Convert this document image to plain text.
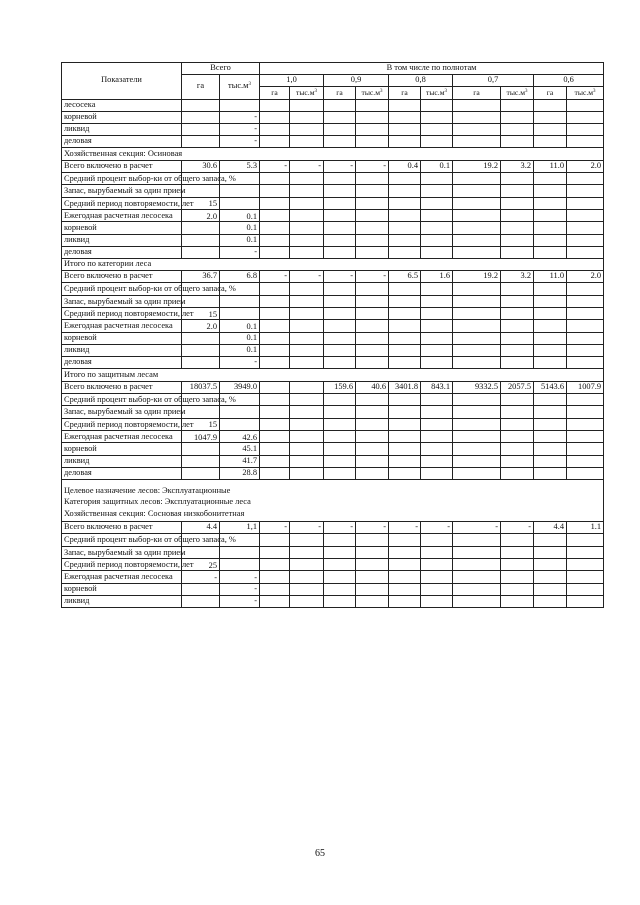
Показатели	Всего		В том числе по полнотам									
	га	$тыс.м^3$	1,0		0,9		0,8		0,7		0,6	
			га	$тыс.м^3$	га	$тыс.м^3$	га	$тыс.м^3$	га	$тыс.м^3$	га	$тыс.м^3$
лесосека												
корневой		-										
ликвид		-										
деловая		-										
Хозяйственная секция: Осиновая												
Всего включено в расчет	30.6	5.3	-	-	-	-	0.4	0.1	19.2	3.2	11.0	2.0
Средний процент выбор-ки от общего запаса, %												
Запас, вырубаемый за один прием												
Средний период повторяемости, лет	15											
Ежегодная расчетная лесосека	2.0	0.1										
корневой		0.1										
ликвид		0.1										
деловая		-										
Итого по категории леса												
Всего включено в расчет	36.7	6.8	-	-	-	-	6.5	1.6	19.2	3.2	11.0	2.0
Средний процент выбор-ки от общего запаса, %												
Запас, вырубаемый за один прием												
Средний период повторяемости, лет	15											
Ежегодная расчетная лесосека	2.0	0.1										
корневой		0.1										
ликвид		0.1										
деловая		-										
Итого по защитным лесам												
Всего включено в расчет	18037.5	3949.0			159.6	40.6	3401.8	843.1	9332.5	2057.5	5143.6	1007.9
Средний процент выбор-ки от общего запаса, %												
Запас, вырубаемый за один прием												
Средний период повторяемости, лет	15											
Ежегодная расчетная лесосека	1047.9	42.6										
корневой		45.1										
ликвид		41.7										
деловая		28.8										

Целевое назначение лесов: Эксплуатационные
Категория защитных лесов: Эксплуатационные леса
Хозяйственная секция: Сосновая низкобонитетная												

Всего включено в расчет	4.4	1,1	-	-	-	-	-	-	-	-	4.4	1.1
Средний процент выбор-ки от общего запаса, %												
Запас, вырубаемый за один прием												
Средний период повторяемости, лет	25											
Ежегодная расчетная лесосека	-	-										
корневой		-										
ликвид		-										
65
